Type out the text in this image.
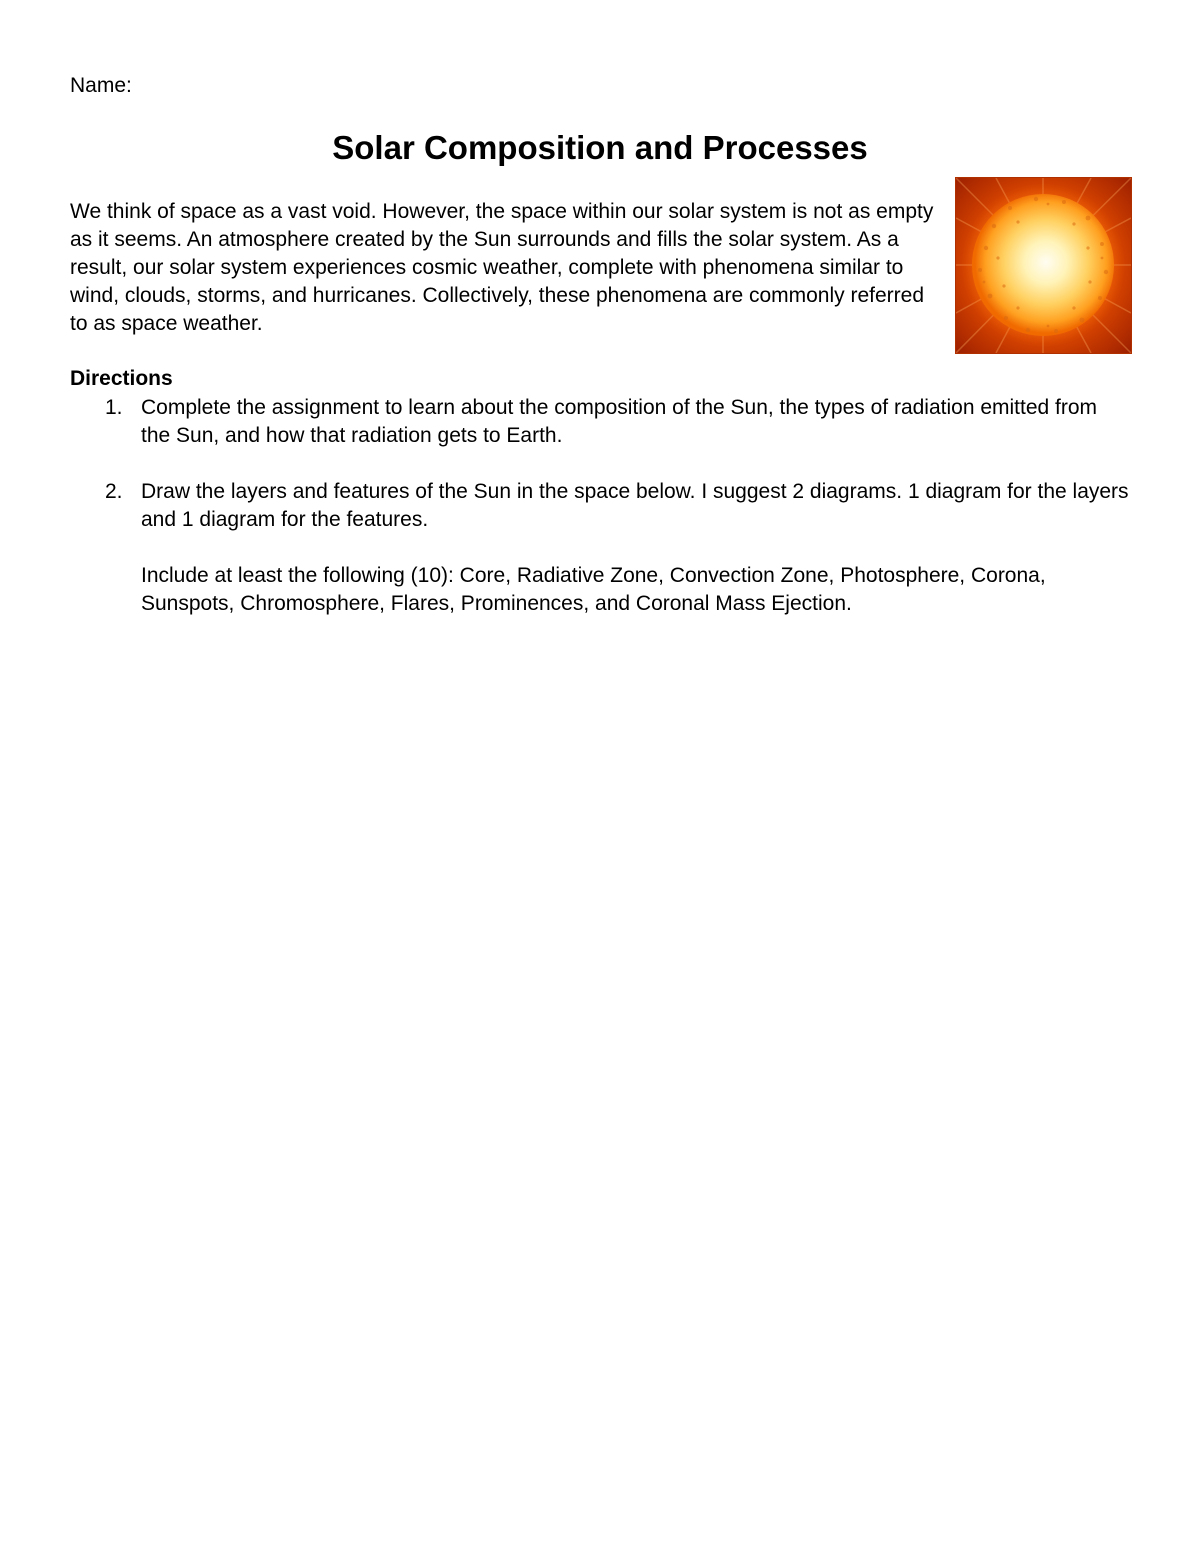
Name:
Solar Composition and Processes

We think of space as a vast void. However, the space within our solar system is not as empty as it seems. An atmosphere created by the Sun surrounds and fills the solar system. As a result, our solar system experiences cosmic weather, complete with phenomena similar to wind, clouds, storms, and hurricanes. Collectively, these phenomena are commonly referred to as space weather.

Directions
1. Complete the assignment to learn about the composition of the Sun, the types of radiation emitted from the Sun, and how that radiation gets to Earth.
2. Draw the layers and features of the Sun in the space below. I suggest 2 diagrams. 1 diagram for the layers and 1 diagram for the features.
Include at least the following (10): Core, Radiative Zone, Convection Zone, Photosphere, Corona, Sunspots, Chromosphere, Flares, Prominences, and Coronal Mass Ejection.
